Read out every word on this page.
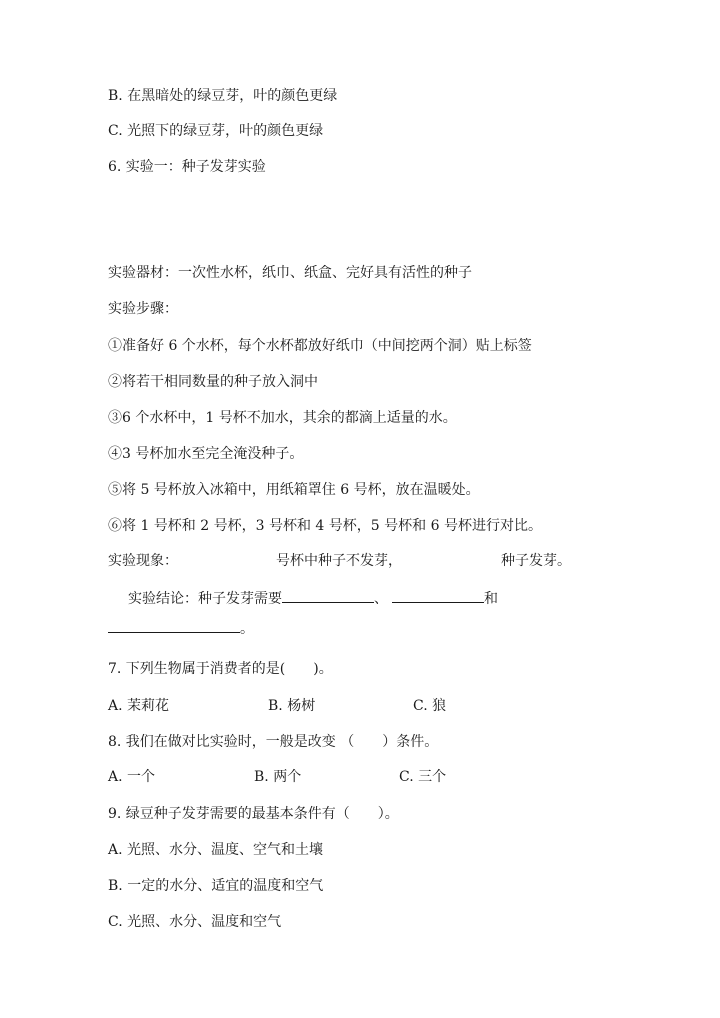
B. 在黑暗处的绿豆芽，叶的颜色更绿
C. 光照下的绿豆芽，叶的颜色更绿
6. 实验一：种子发芽实验
实验器材：一次性水杯，纸巾、纸盒、完好具有活性的种子
实验步骤：
①准备好 6 个水杯，每个水杯都放好纸巾（中间挖两个洞）贴上标签
②将若干相同数量的种子放入洞中
③6 个水杯中，1 号杯不加水，其余的都滴上适量的水。
④3 号杯加水至完全淹没种子。
⑤将 5 号杯放入冰箱中，用纸箱罩住 6 号杯，放在温暖处。
⑥将 1 号杯和 2 号杯，3 号杯和 4 号杯，5 号杯和 6 号杯进行对比。
实验现象：	号杯中种子不发芽，	种子发芽。
实验结论：种子发芽需要	、	和
。
7. 下列生物属于消费者的是(　　)。
A. 茉莉花	B. 杨树	C. 狼
8. 我们在做对比实验时，一般是改变 （　　）条件。
A. 一个	B. 两个	C. 三个
9. 绿豆种子发芽需要的最基本条件有（　　）。
A. 光照、水分、温度、空气和土壤
B. 一定的水分、适宜的温度和空气
C. 光照、水分、温度和空气
